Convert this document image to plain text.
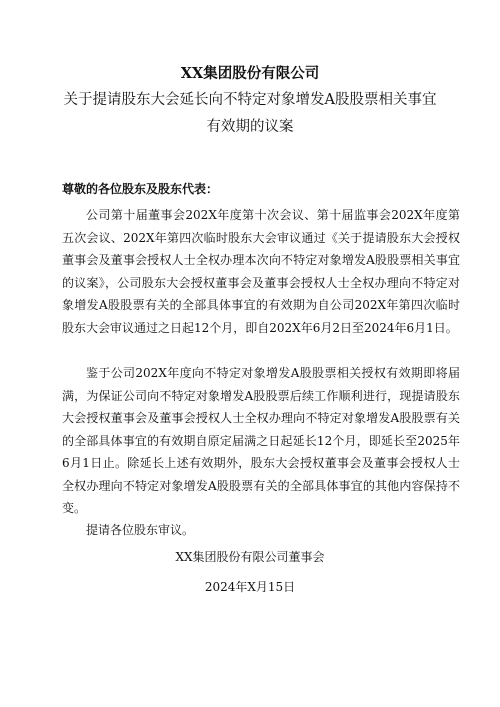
XX集团股份有限公司

关于提请股东大会延长向不特定对象增发A股股票相关事宜有效期的议案

尊敬的各位股东及股东代表：

公司第十届董事会202X年度第十次会议、第十届监事会202X年度第五次会议、202X年第四次临时股东大会审议通过《关于提请股东大会授权董事会及董事会授权人士全权办理本次向不特定对象增发A股股票相关事宜的议案》，公司股东大会授权董事会及董事会授权人士全权办理向不特定对象增发A股股票有关的全部具体事宜的有效期为自公司202X年第四次临时股东大会审议通过之日起12个月，即自202X年6月2日至2024年6月1日。

鉴于公司202X年度向不特定对象增发A股股票相关授权有效期即将届满，为保证公司向不特定对象增发A股股票后续工作顺利进行，现提请股东大会授权董事会及董事会授权人士全权办理向不特定对象增发A股股票有关的全部具体事宜的有效期自原定届满之日起延长12个月，即延长至2025年6月1日止。除延长上述有效期外，股东大会授权董事会及董事会授权人士全权办理向不特定对象增发A股股票有关的全部具体事宜的其他内容保持不变。

提请各位股东审议。

XX集团股份有限公司董事会

2024年X月15日
